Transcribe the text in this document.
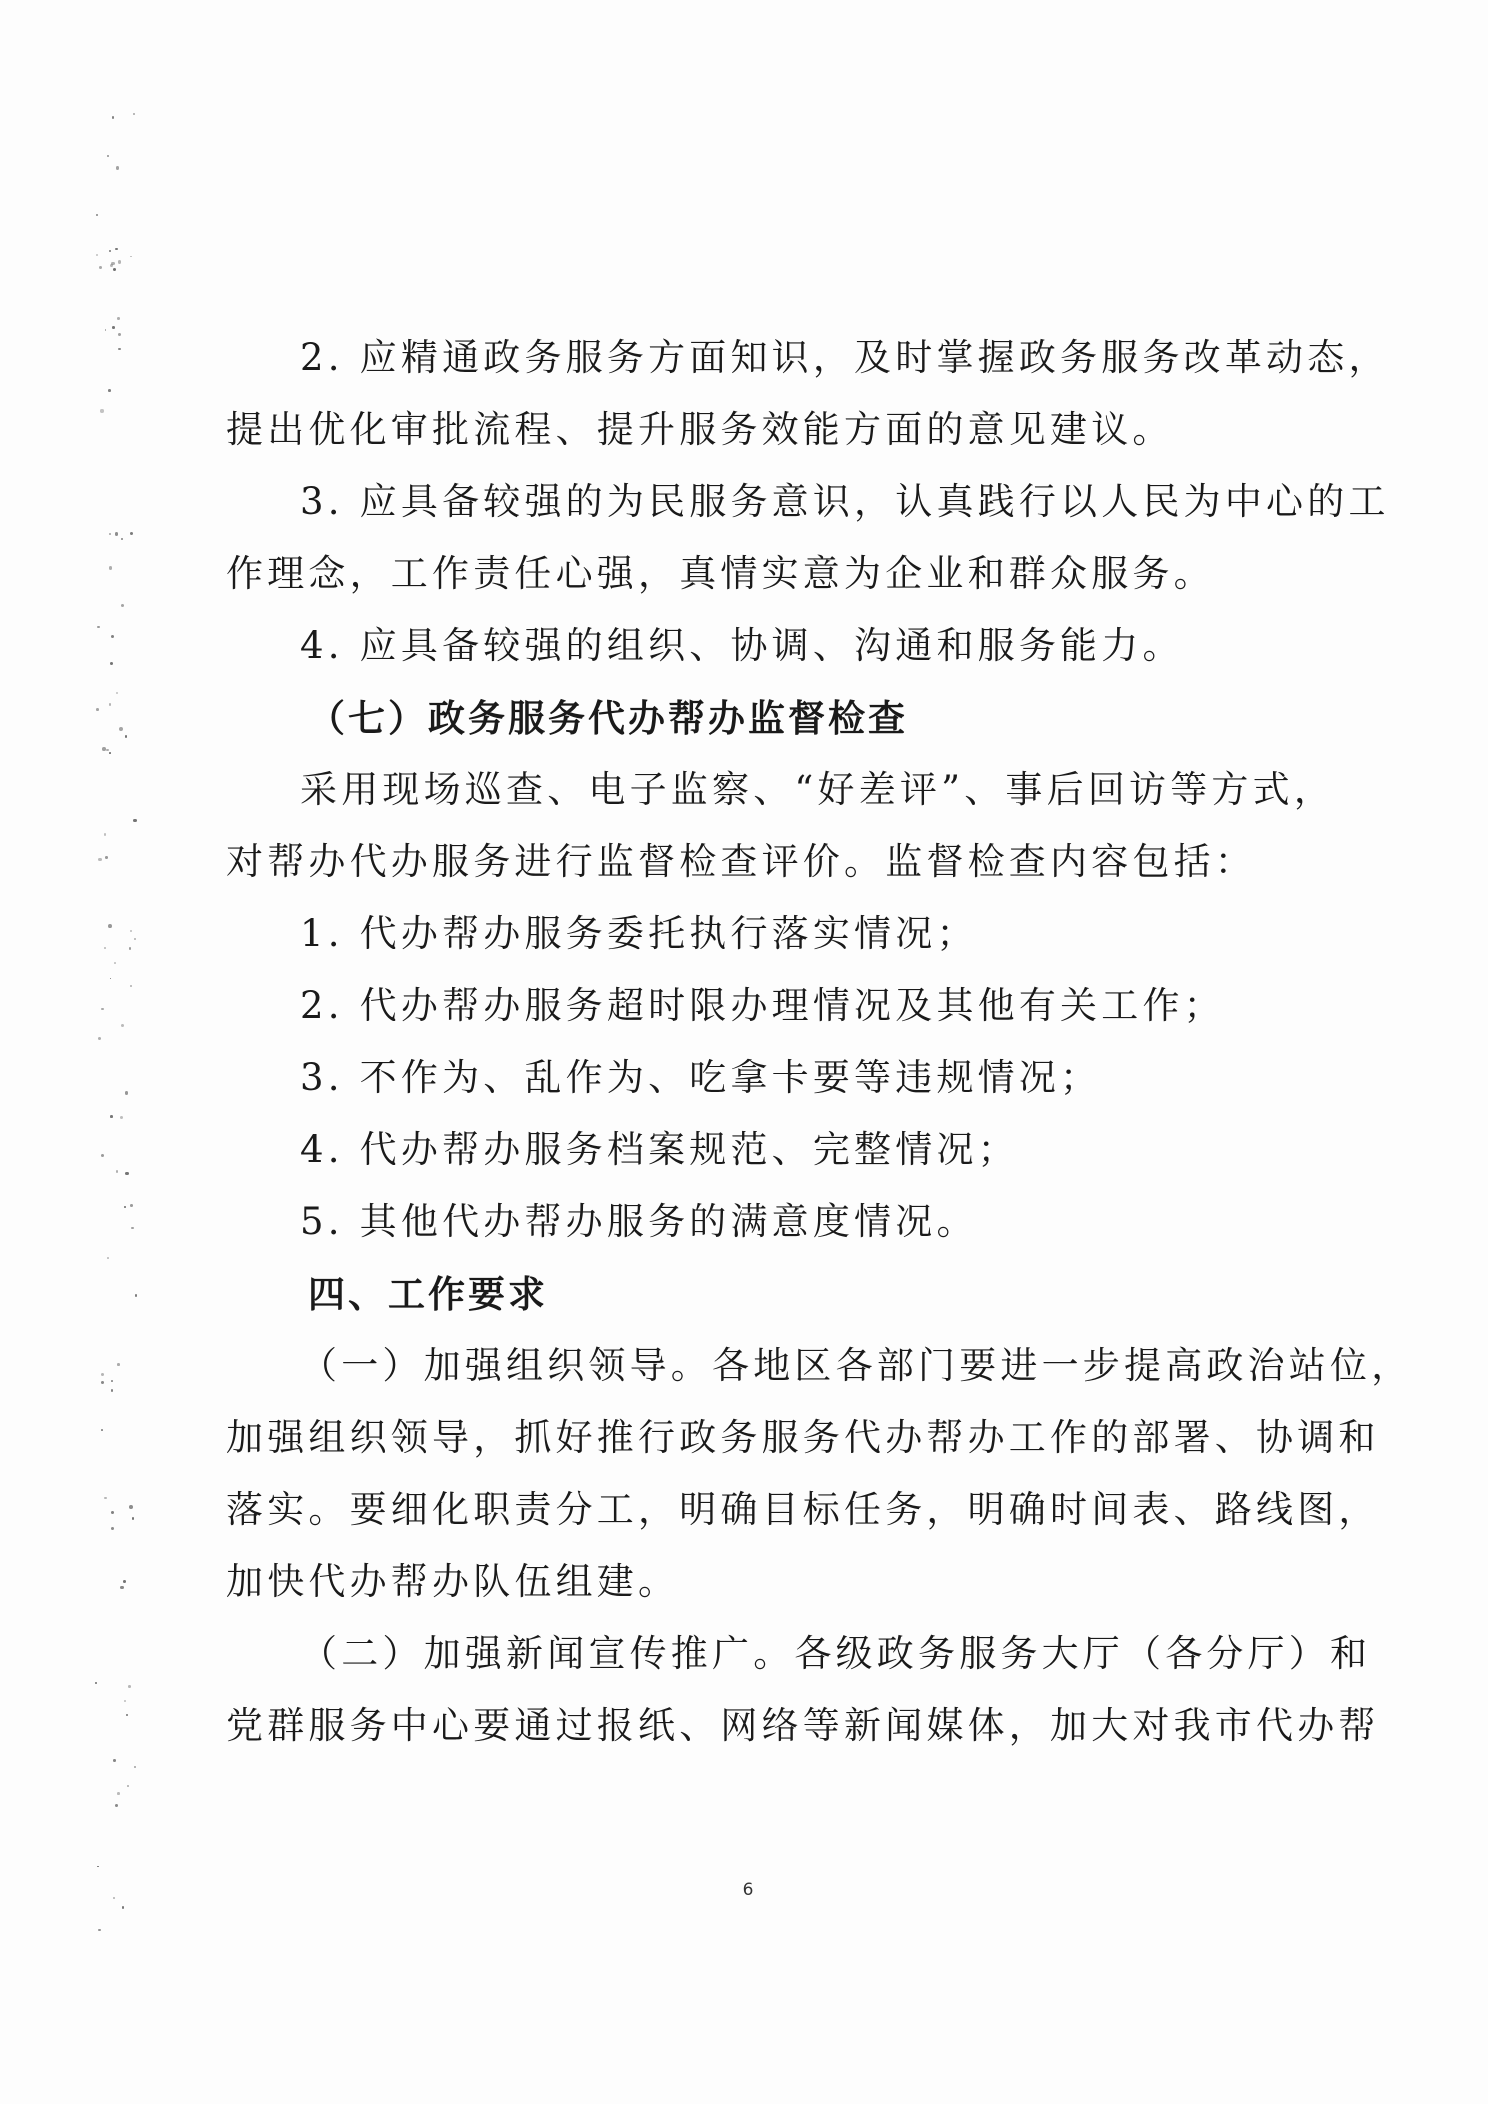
2. 应精通政务服务方面知识，及时掌握政务服务改革动态，
提出优化审批流程、提升服务效能方面的意见建议。
3. 应具备较强的为民服务意识，认真践行以人民为中心的工
作理念，工作责任心强，真情实意为企业和群众服务。
4. 应具备较强的组织、协调、沟通和服务能力。
（七）政务服务代办帮办监督检查
采用现场巡查、电子监察、“好差评”、事后回访等方式，
对帮办代办服务进行监督检查评价。监督检查内容包括：
1. 代办帮办服务委托执行落实情况；
2. 代办帮办服务超时限办理情况及其他有关工作；
3. 不作为、乱作为、吃拿卡要等违规情况；
4. 代办帮办服务档案规范、完整情况；
5. 其他代办帮办服务的满意度情况。
四、工作要求
（一）加强组织领导。各地区各部门要进一步提高政治站位，
加强组织领导，抓好推行政务服务代办帮办工作的部署、协调和
落实。要细化职责分工，明确目标任务，明确时间表、路线图，
加快代办帮办队伍组建。
（二）加强新闻宣传推广。各级政务服务大厅（各分厅）和
党群服务中心要通过报纸、网络等新闻媒体，加大对我市代办帮
6
